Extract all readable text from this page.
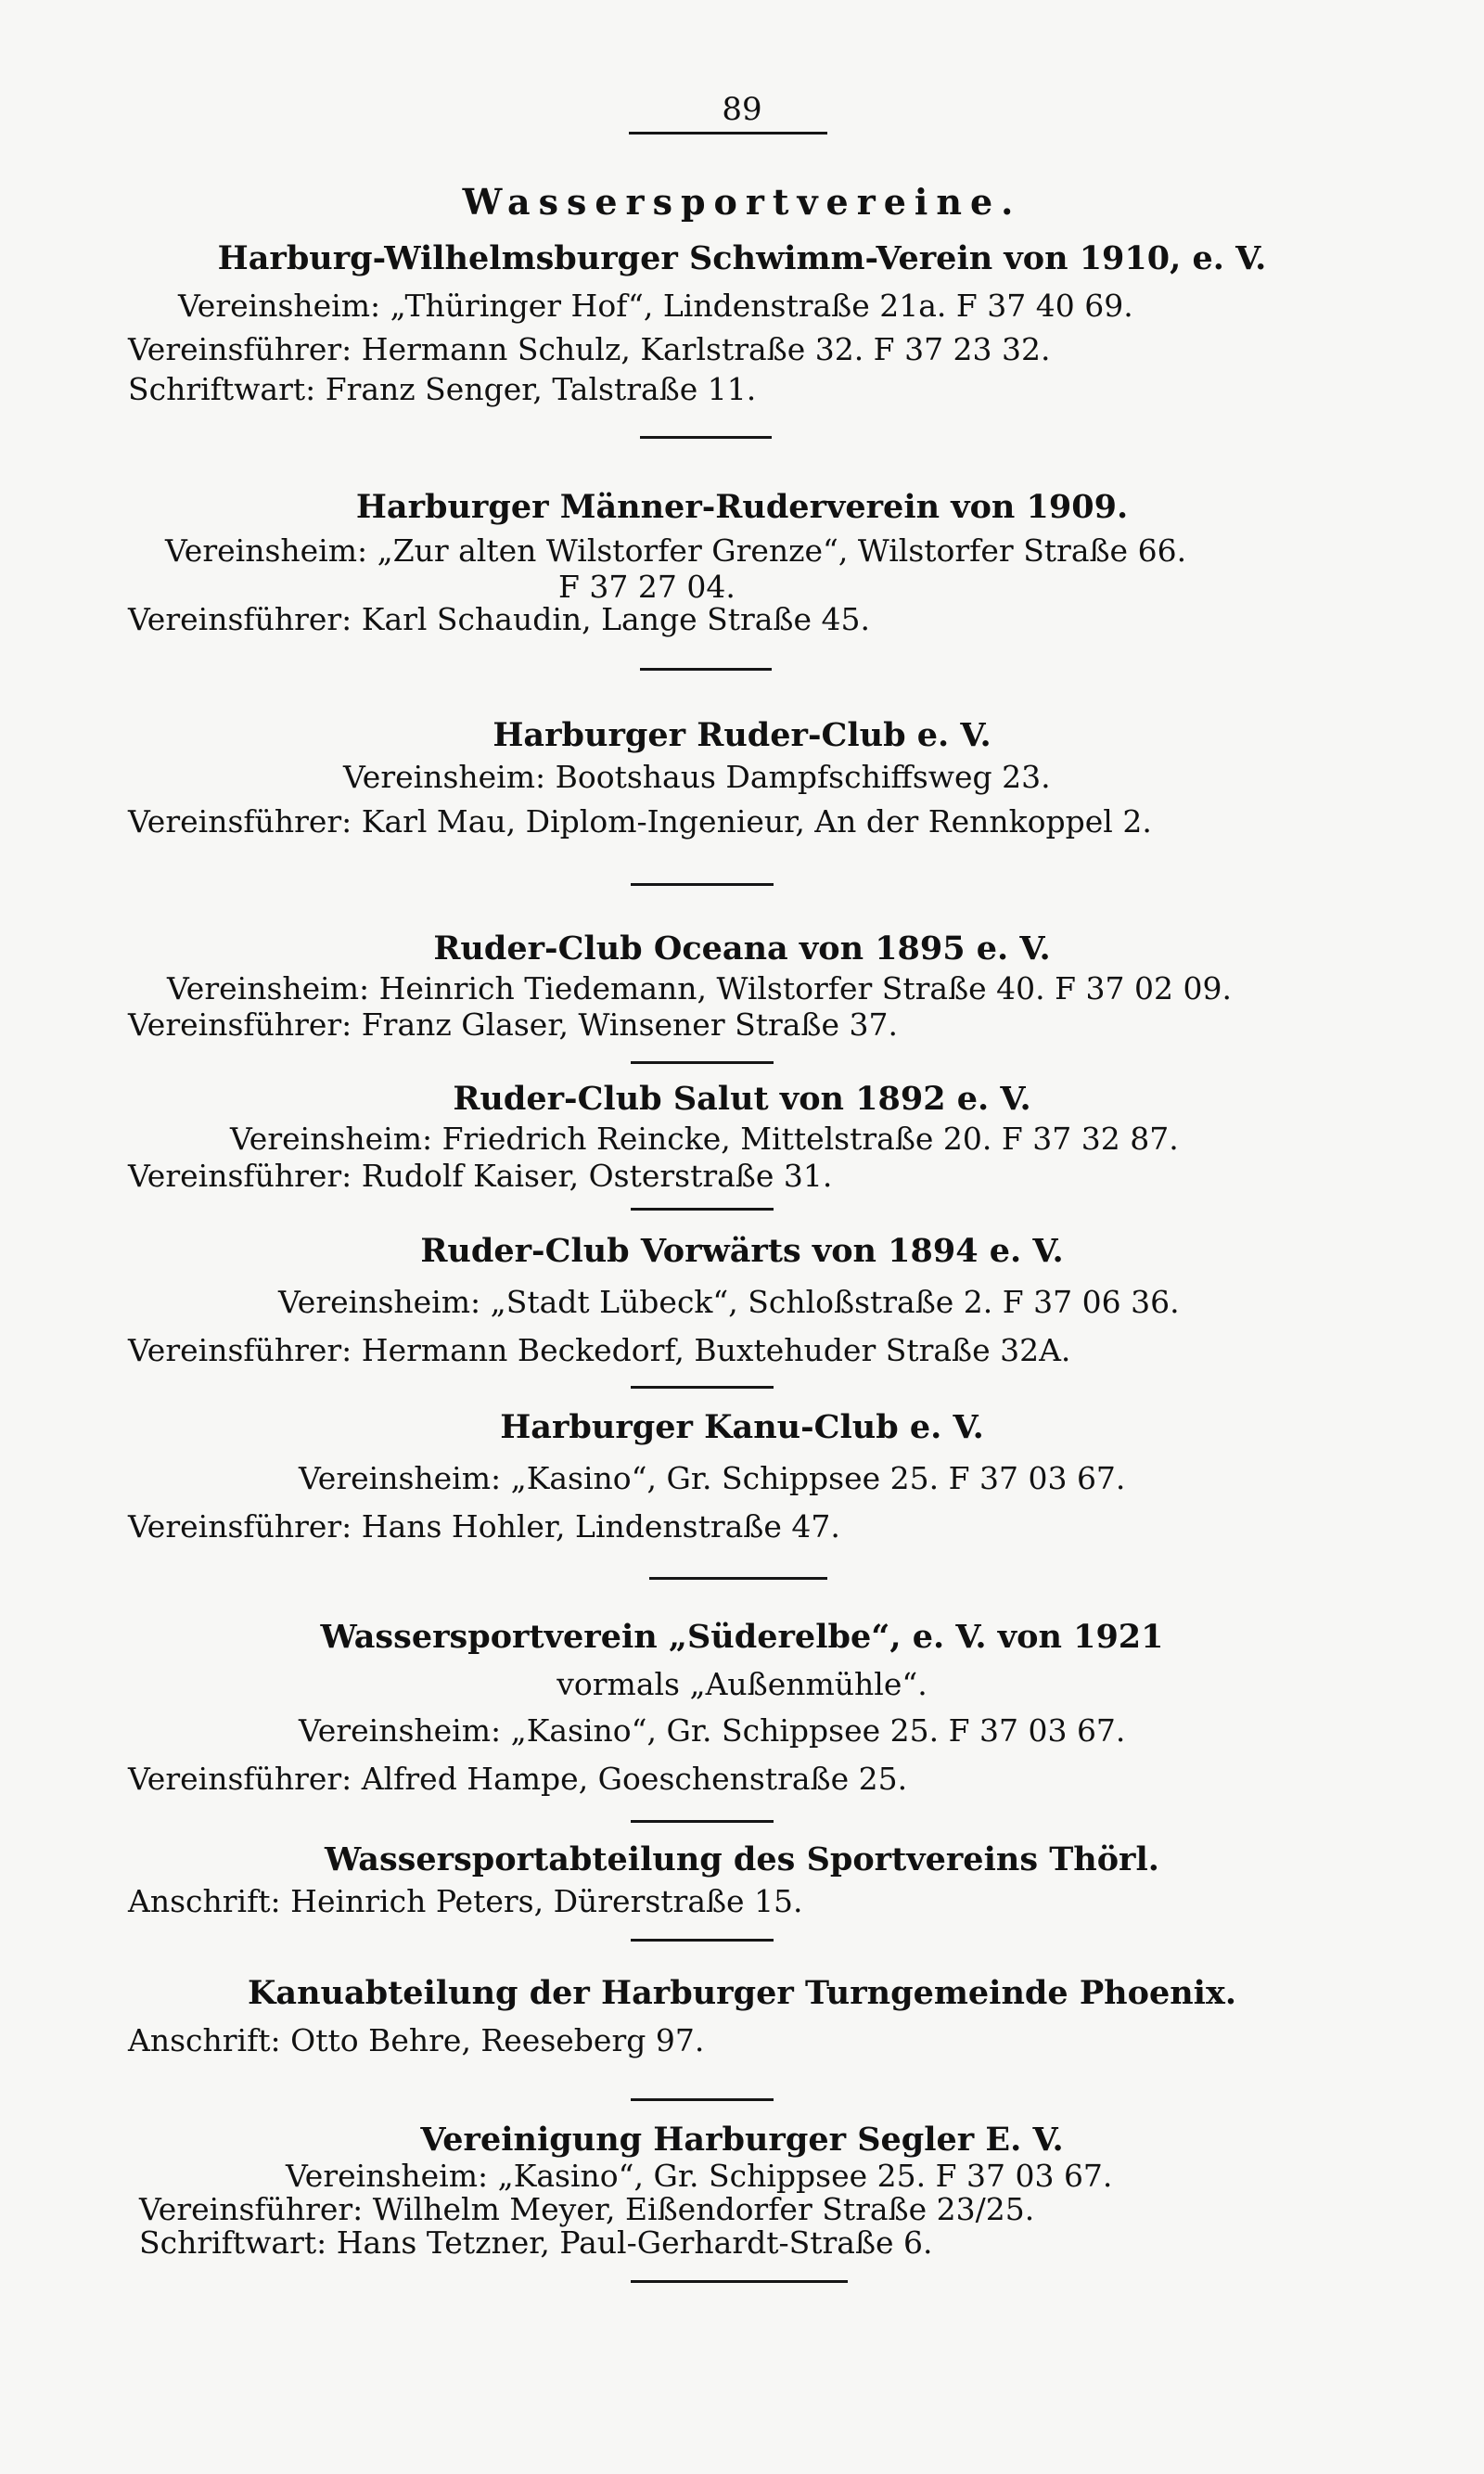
89
Wassersportvereine.
Harburg-Wilhelmsburger Schwimm-Verein von 1910, e. V.
Vereinsheim: „Thüringer Hof“, Lindenstraße 21a. F 37 40 69.
Vereinsführer: Hermann Schulz, Karlstraße 32. F 37 23 32.
Schriftwart: Franz Senger, Talstraße 11.
Harburger Männer-Ruderverein von 1909.
Vereinsheim: „Zur alten Wilstorfer Grenze“, Wilstorfer Straße 66.
F 37 27 04.
Vereinsführer: Karl Schaudin, Lange Straße 45.
Harburger Ruder-Club e. V.
Vereinsheim: Bootshaus Dampfschiffsweg 23.
Vereinsführer: Karl Mau, Diplom-Ingenieur, An der Rennkoppel 2.
Ruder-Club Oceana von 1895 e. V.
Vereinsheim: Heinrich Tiedemann, Wilstorfer Straße 40. F 37 02 09.
Vereinsführer: Franz Glaser, Winsener Straße 37.
Ruder-Club Salut von 1892 e. V.
Vereinsheim: Friedrich Reincke, Mittelstraße 20. F 37 32 87.
Vereinsführer: Rudolf Kaiser, Osterstraße 31.
Ruder-Club Vorwärts von 1894 e. V.
Vereinsheim: „Stadt Lübeck“, Schloßstraße 2. F 37 06 36.
Vereinsführer: Hermann Beckedorf, Buxtehuder Straße 32A.
Harburger Kanu-Club e. V.
Vereinsheim: „Kasino“, Gr. Schippsee 25. F 37 03 67.
Vereinsführer: Hans Hohler, Lindenstraße 47.
Wassersportverein „Süderelbe“, e. V. von 1921
vormals „Außenmühle“.
Vereinsheim: „Kasino“, Gr. Schippsee 25. F 37 03 67.
Vereinsführer: Alfred Hampe, Goeschenstraße 25.
Wassersportabteilung des Sportvereins Thörl.
Anschrift: Heinrich Peters, Dürerstraße 15.
Kanuabteilung der Harburger Turngemeinde Phoenix.
Anschrift: Otto Behre, Reeseberg 97.
Vereinigung Harburger Segler E. V.
Vereinsheim: „Kasino“, Gr. Schippsee 25. F 37 03 67.
Vereinsführer: Wilhelm Meyer, Eißendorfer Straße 23/25.
Schriftwart: Hans Tetzner, Paul-Gerhardt-Straße 6.
